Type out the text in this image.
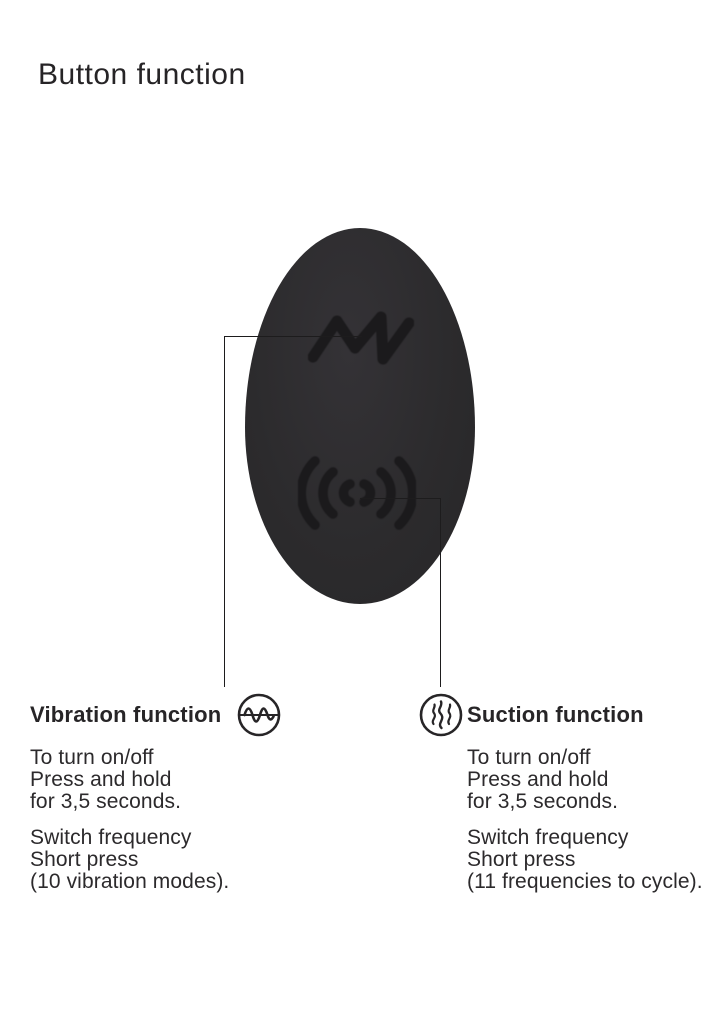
Button function
Vibration function

To turn on/off
Press and hold
for 3,5 seconds.

Switch frequency
Short press
(10 vibration modes).

Suction function

To turn on/off
Press and hold
for 3,5 seconds.

Switch frequency
Short press
(11 frequencies to cycle).
